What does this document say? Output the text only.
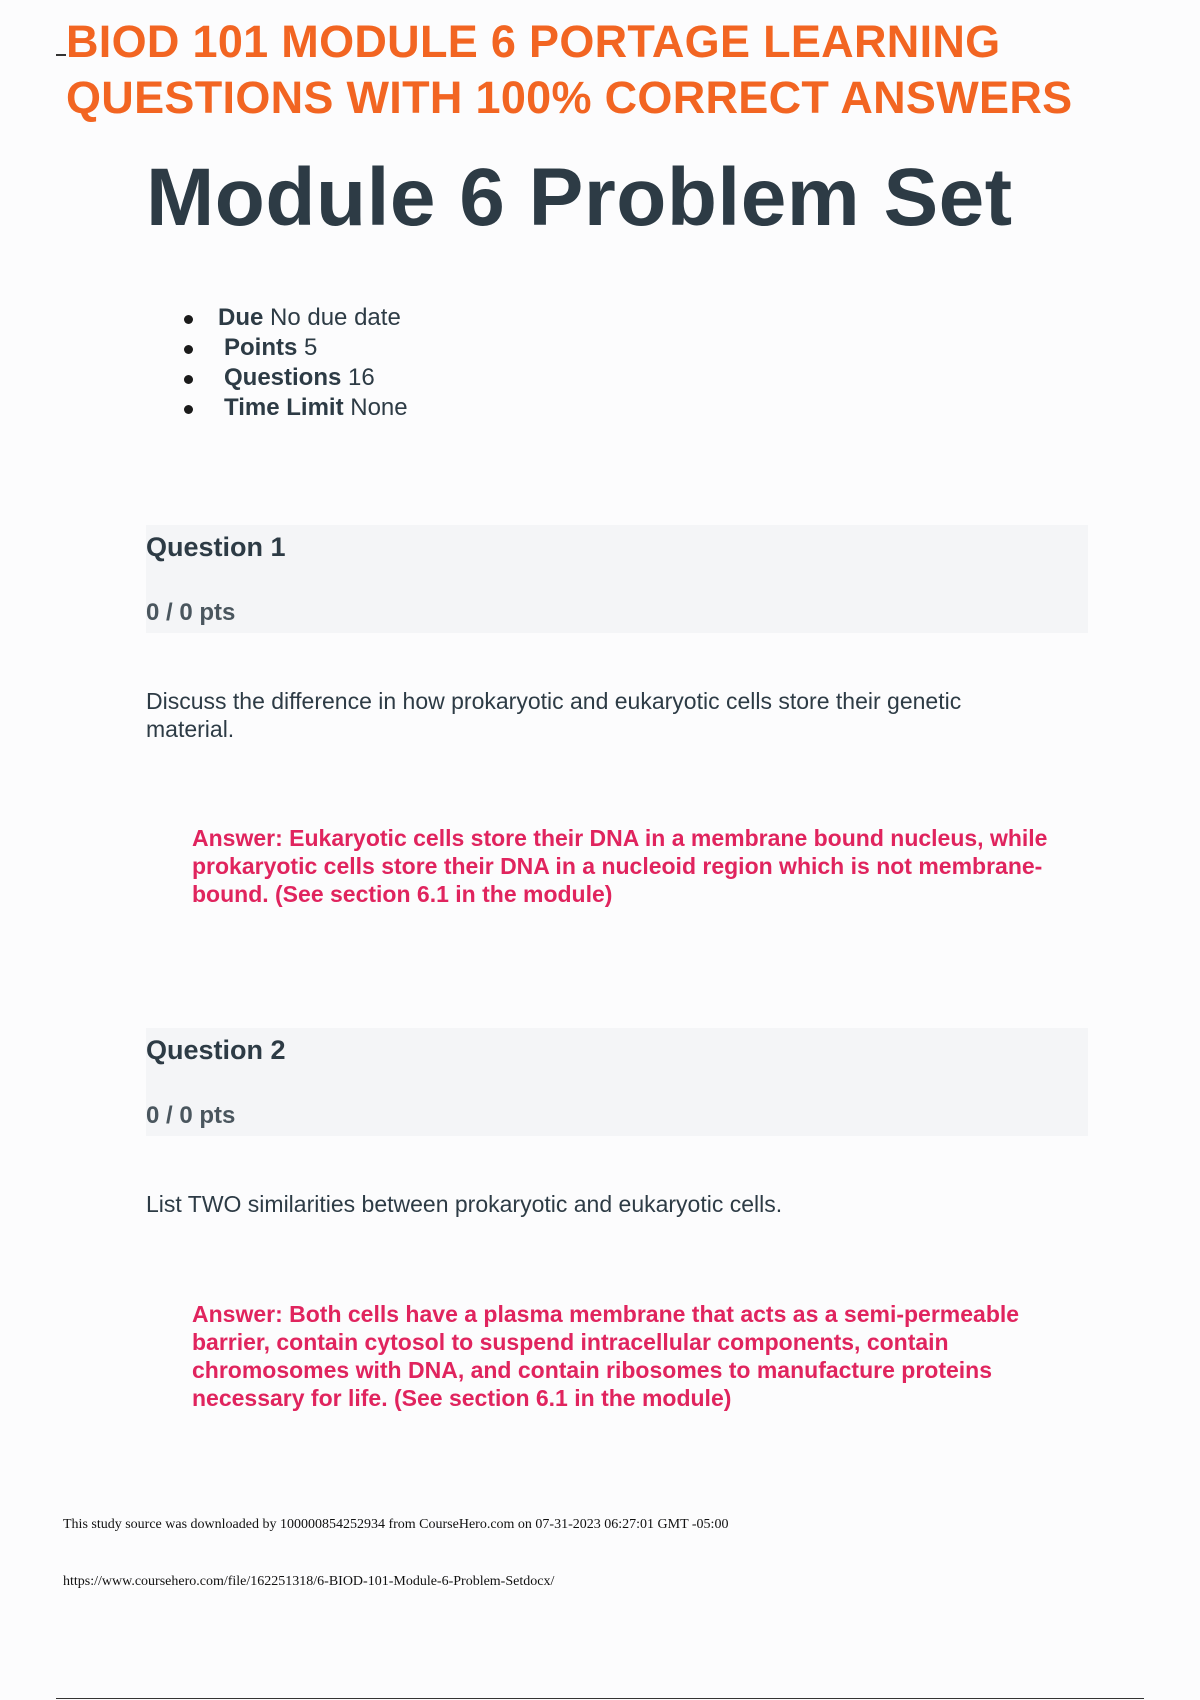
BIOD 101 MODULE 6 PORTAGE LEARNING QUESTIONS WITH 100% CORRECT ANSWERS
Module 6 Problem Set
Due No due date
Points 5
Questions 16
Time Limit None
Question 1
0 / 0 pts

Discuss the difference in how prokaryotic and eukaryotic cells store their genetic material.

Answer: Eukaryotic cells store their DNA in a membrane bound nucleus, while prokaryotic cells store their DNA in a nucleoid region which is not membrane-bound. (See section 6.1 in the module)

Question 2
0 / 0 pts

List TWO similarities between prokaryotic and eukaryotic cells.

Answer: Both cells have a plasma membrane that acts as a semi-permeable barrier, contain cytosol to suspend intracellular components, contain chromosomes with DNA, and contain ribosomes to manufacture proteins necessary for life. (See section 6.1 in the module)

This study source was downloaded by 100000854252934 from CourseHero.com on 07-31-2023 06:27:01 GMT -05:00

https://www.coursehero.com/file/162251318/6-BIOD-101-Module-6-Problem-Setdocx/
